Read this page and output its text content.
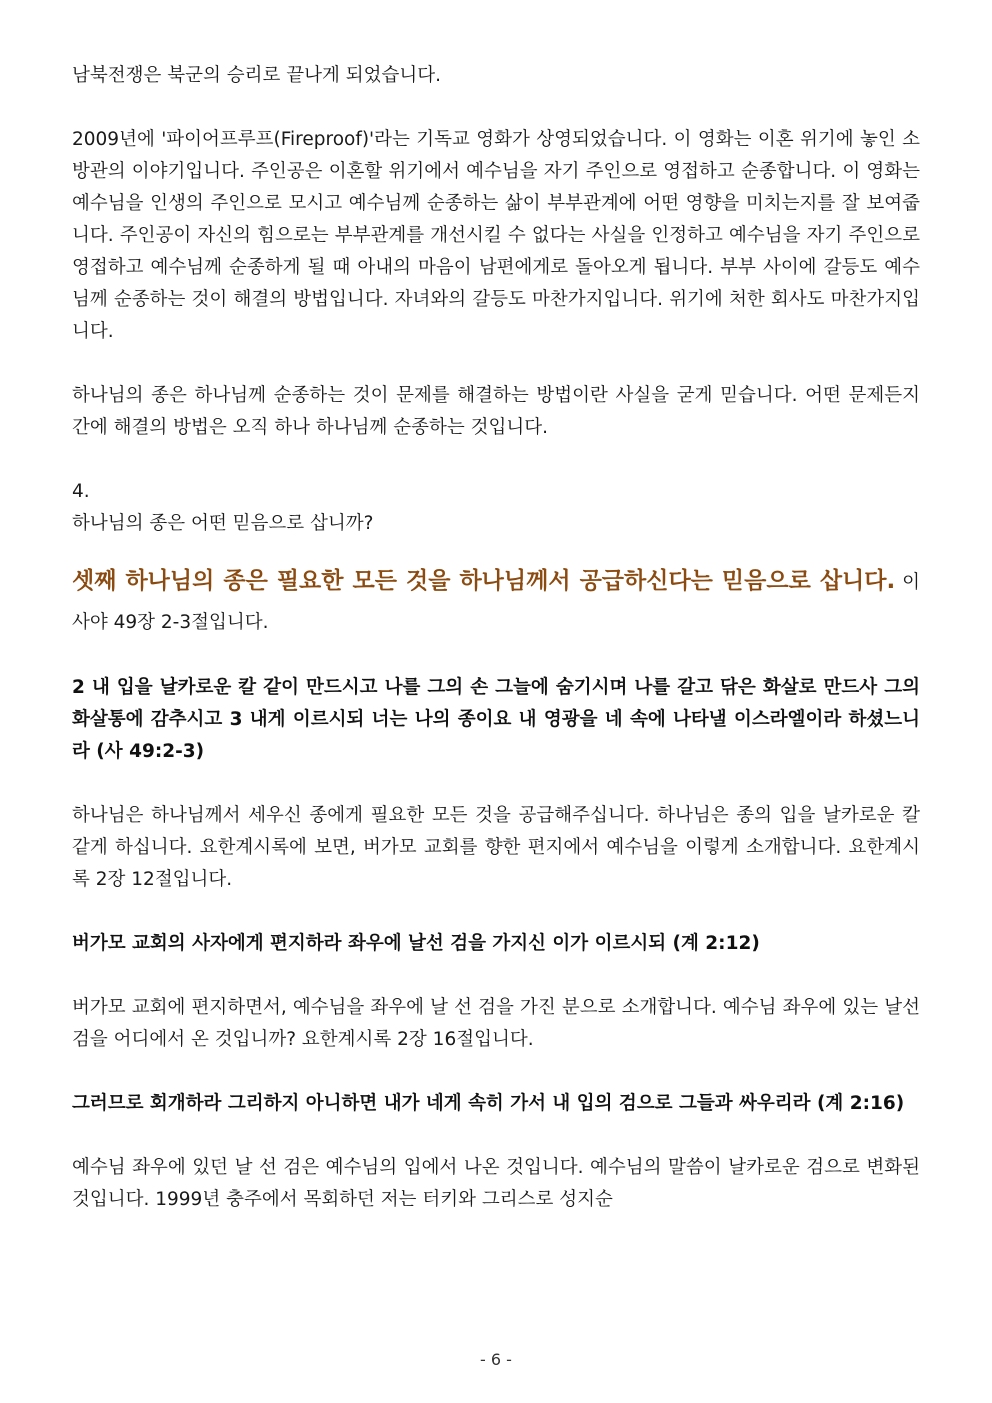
남북전쟁은 북군의 승리로 끝나게 되었습니다.

2009년에 '파이어프루프(Fireproof)'라는 기독교 영화가 상영되었습니다. 이 영화는 이혼 위기에 놓인 소방관의 이야기입니다. 주인공은 이혼할 위기에서 예수님을 자기 주인으로 영접하고 순종합니다. 이 영화는 예수님을 인생의 주인으로 모시고 예수님께 순종하는 삶이 부부관계에 어떤 영향을 미치는지를 잘 보여줍니다. 주인공이 자신의 힘으로는 부부관계를 개선시킬 수 없다는 사실을 인정하고 예수님을 자기 주인으로 영접하고 예수님께 순종하게 될 때 아내의 마음이 남편에게로 돌아오게 됩니다. 부부 사이에 갈등도 예수님께 순종하는 것이 해결의 방법입니다. 자녀와의 갈등도 마찬가지입니다. 위기에 처한 회사도 마찬가지입니다.

하나님의 종은 하나님께 순종하는 것이 문제를 해결하는 방법이란 사실을 굳게 믿습니다. 어떤 문제든지 간에 해결의 방법은 오직 하나 하나님께 순종하는 것입니다.

4.

하나님의 종은 어떤 믿음으로 삽니까?

셋째 하나님의 종은 필요한 모든 것을 하나님께서 공급하신다는 믿음으로 삽니다. 이사야 49장 2-3절입니다.

2 내 입을 날카로운 칼 같이 만드시고 나를 그의 손 그늘에 숨기시며 나를 갈고 닦은 화살로 만드사 그의 화살통에 감추시고 3 내게 이르시되 너는 나의 종이요 내 영광을 네 속에 나타낼 이스라엘이라 하셨느니라 (사 49:2-3)

하나님은 하나님께서 세우신 종에게 필요한 모든 것을 공급해주십니다. 하나님은 종의 입을 날카로운 칼 같게 하십니다. 요한계시록에 보면, 버가모 교회를 향한 편지에서 예수님을 이렇게 소개합니다. 요한계시록 2장 12절입니다.

버가모 교회의 사자에게 편지하라 좌우에 날선 검을 가지신 이가 이르시되 (계 2:12)

버가모 교회에 편지하면서, 예수님을 좌우에 날 선 검을 가진 분으로 소개합니다. 예수님 좌우에 있는 날선 검을 어디에서 온 것입니까? 요한계시록 2장 16절입니다.

그러므로 회개하라 그리하지 아니하면 내가 네게 속히 가서 내 입의 검으로 그들과 싸우리라 (계 2:16)

예수님 좌우에 있던 날 선 검은 예수님의 입에서 나온 것입니다. 예수님의 말씀이 날카로운 검으로 변화된 것입니다. 1999년 충주에서 목회하던 저는 터키와 그리스로 성지순

- 6 -
